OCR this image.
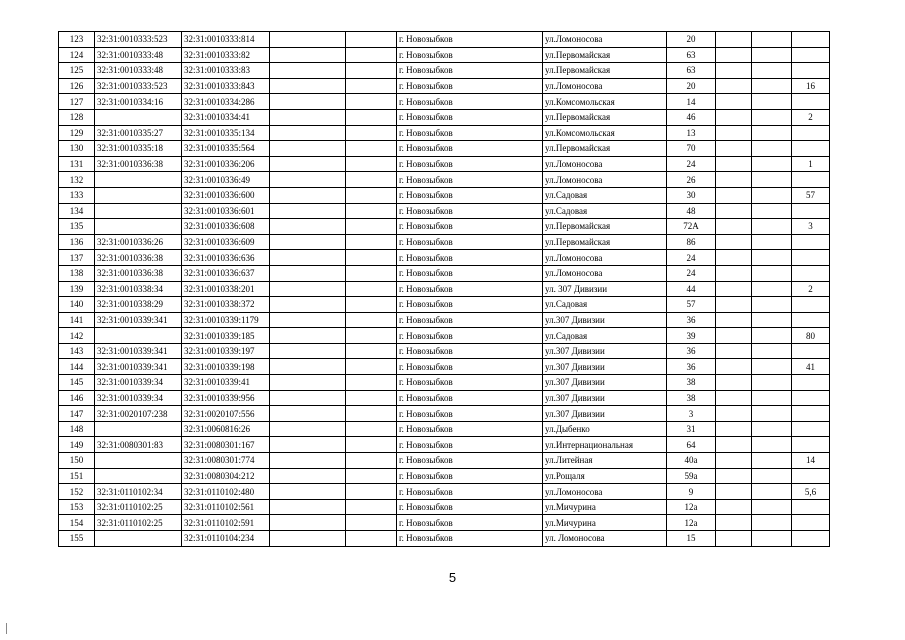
123	32:31:0010333:523	32:31:0010333:814			г. Новозыбков	ул.Ломоносова	20			
124	32:31:0010333:48	32:31:0010333:82			г. Новозыбков	ул.Первомайская	63			
125	32:31:0010333:48	32:31:0010333:83			г. Новозыбков	ул.Первомайская	63			
126	32:31:0010333:523	32:31:0010333:843			г. Новозыбков	ул.Ломоносова	20			16
127	32:31:0010334:16	32:31:0010334:286			г. Новозыбков	ул.Комсомольская	14			
128		32:31:0010334:41			г. Новозыбков	ул.Первомайская	46			2
129	32:31:0010335:27	32:31:0010335:134			г. Новозыбков	ул.Комсомольская	13			
130	32:31:0010335:18	32:31:0010335:564			г. Новозыбков	ул.Первомайская	70			
131	32:31:0010336:38	32:31:0010336:206			г. Новозыбков	ул.Ломоносова	24			1
132		32:31:0010336:49			г. Новозыбков	ул.Ломоносова	26			
133		32:31:0010336:600			г. Новозыбков	ул.Садовая	30			57
134		32:31:0010336:601			г. Новозыбков	ул.Садовая	48			
135		32:31:0010336:608			г. Новозыбков	ул.Первомайская	72А			3
136	32:31:0010336:26	32:31:0010336:609			г. Новозыбков	ул.Первомайская	86			
137	32:31:0010336:38	32:31:0010336:636			г. Новозыбков	ул.Ломоносова	24			
138	32:31:0010336:38	32:31:0010336:637			г. Новозыбков	ул.Ломоносова	24			
139	32:31:0010338:34	32:31:0010338:201			г. Новозыбков	ул. 307 Дивизии	44			2
140	32:31:0010338:29	32:31:0010338:372			г. Новозыбков	ул.Садовая	57			
141	32:31:0010339:341	32:31:0010339:1179			г. Новозыбков	ул.307 Дивизии	36			
142		32:31:0010339:185			г. Новозыбков	ул.Садовая	39			80
143	32:31:0010339:341	32:31:0010339:197			г. Новозыбков	ул.307 Дивизии	36			
144	32:31:0010339:341	32:31:0010339:198			г. Новозыбков	ул.307 Дивизии	36			41
145	32:31:0010339:34	32:31:0010339:41			г. Новозыбков	ул.307 Дивизии	38			
146	32:31:0010339:34	32:31:0010339:956			г. Новозыбков	ул.307 Дивизии	38			
147	32:31:0020107:238	32:31:0020107:556			г. Новозыбков	ул.307 Дивизии	3			
148		32:31:0060816:26			г. Новозыбков	ул.Дыбенко	31			
149	32:31:0080301:83	32:31:0080301:167			г. Новозыбков	ул.Интернациональная	64			
150		32:31:0080301:774			г. Новозыбков	ул.Литейная	40а			14
151		32:31:0080304:212			г. Новозыбков	ул.Рощаля	59а			
152	32:31:0110102:34	32:31:0110102:480			г. Новозыбков	ул.Ломоносова	9			5,6
153	32:31:0110102:25	32:31:0110102:561			г. Новозыбков	ул.Мичурина	12а			
154	32:31:0110102:25	32:31:0110102:591			г. Новозыбков	ул.Мичурина	12а			
155		32:31:0110104:234			г. Новозыбков	ул. Ломоносова	15			
5
